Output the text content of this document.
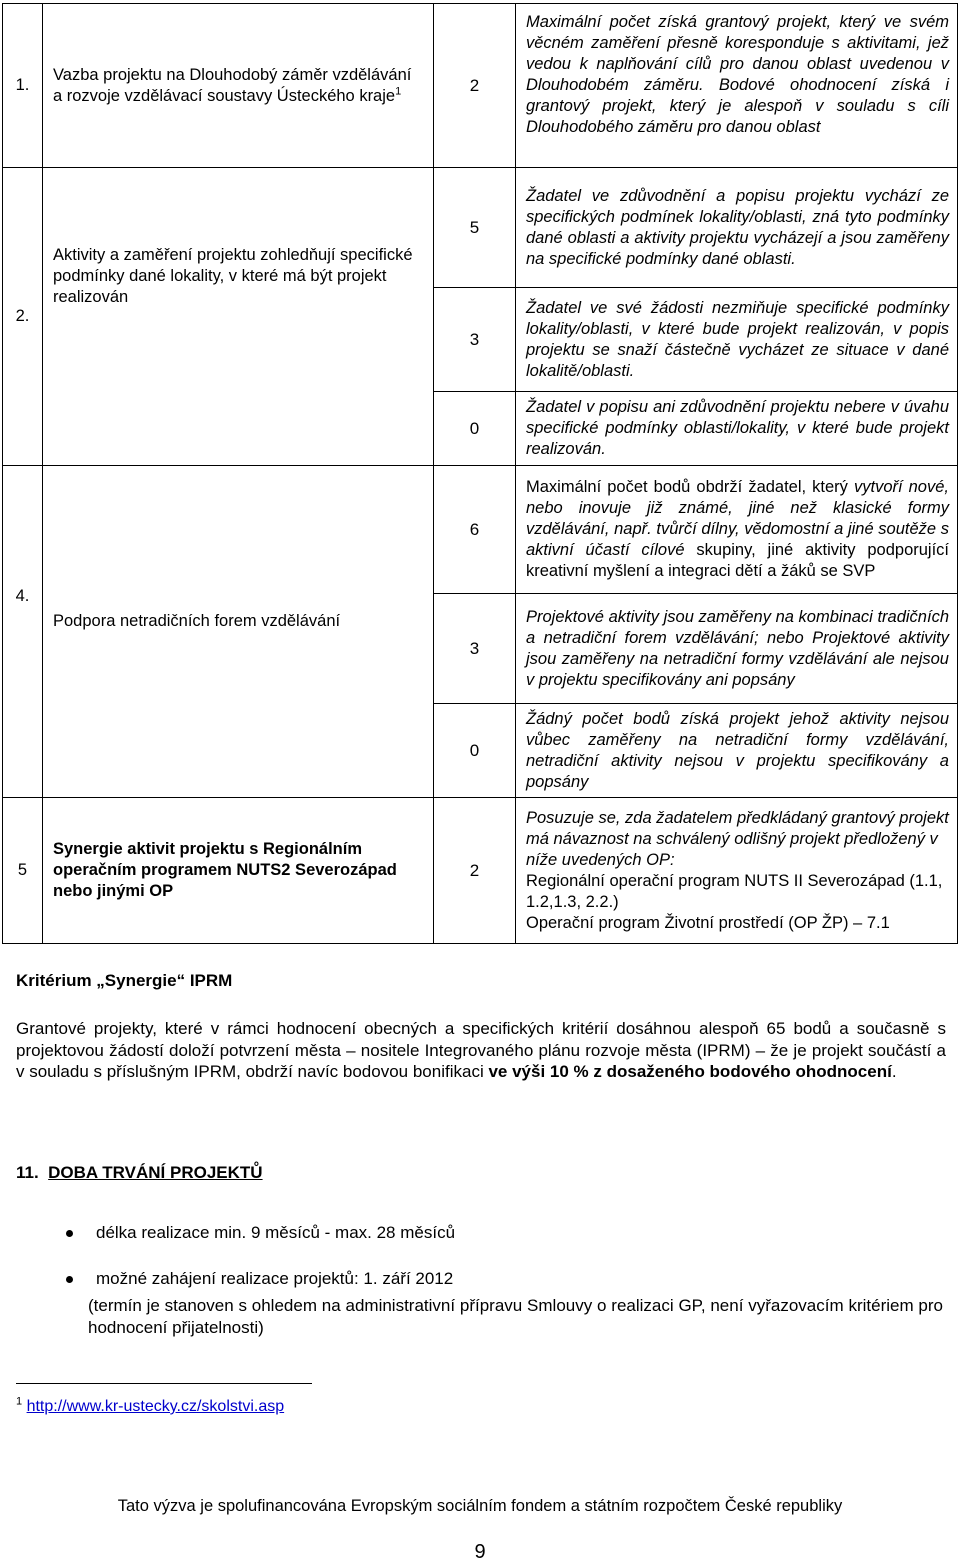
1.	Vazba projektu na Dlouhodobý záměr vzdělávání a rozvoje vzdělávací soustavy Ústeckého kraje$^1$	2	Maximální počet získá grantový projekt, který ve svém věcném zaměření přesně koresponduje s aktivitami, jež vedou k naplňování cílů pro danou oblast uvedenou v Dlouhodobém záměru. Bodové ohodnocení získá i grantový projekt, který je alespoň v souladu s cíli Dlouhodobého záměru pro danou oblast
2.	Aktivity a zaměření projektu zohledňují specifické podmínky dané lokality, v které má být projekt realizován	5	Žadatel ve zdůvodnění a popisu projektu vychází ze specifických podmínek lokality/oblasti, zná tyto podmínky dané oblasti a aktivity projektu vycházejí a jsou zaměřeny na specifické podmínky dané oblasti.
		3	Žadatel ve své žádosti nezmiňuje specifické podmínky lokality/oblasti, v které bude projekt realizován, v popis projektu se snaží částečně vycházet ze situace v dané lokalitě/oblasti.
		0	Žadatel v popisu ani zdůvodnění projektu nebere v úvahu specifické podmínky oblasti/lokality, v které bude projekt realizován.
4.	Podpora netradičních forem vzdělávání	6	Maximální počet bodů obdrží žadatel, který vytvoří nové, nebo inovuje již známé, jiné než klasické formy vzdělávání, např. tvůrčí dílny, vědomostní a jiné soutěže s aktivní účastí cílové skupiny, jiné aktivity podporující kreativní myšlení a integraci dětí a žáků se SVP
		3	Projektové aktivity jsou zaměřeny na kombinaci tradičních a netradiční forem vzdělávání; nebo Projektové aktivity jsou zaměřeny na netradiční formy vzdělávání ale nejsou v projektu specifikovány ani popsány
		0	Žádný počet bodů získá projekt jehož aktivity nejsou vůbec zaměřeny na netradiční formy vzdělávání, netradiční aktivity nejsou v projektu specifikovány a popsány
5	Synergie aktivit projektu s Regionálním operačním programem NUTS2 Severozápad nebo jinými OP	2	Posuzuje se, zda žadatelem předkládaný grantový projekt má návaznost na schválený odlišný projekt předložený v níže uvedených OP:
Regionální operační program NUTS II Severozápad (1.1, 1.2,1.3, 2.2.)
Operační program Životní prostředí (OP ŽP) – 7.1
Kritérium „Synergie“ IPRM
Grantové projekty, které v rámci hodnocení obecných a specifických kritérií dosáhnou alespoň 65 bodů a současně s projektovou žádostí doloží potvrzení města – nositele Integrovaného plánu rozvoje města (IPRM) – že je projekt součástí a v souladu s příslušným IPRM, obdrží navíc bodovou bonifikaci ve výši 10 % z dosaženého bodového ohodnocení.
11. DOBA TRVÁNÍ PROJEKTŮ
délka realizace min. 9 měsíců - max. 28 měsíců
možné zahájení realizace projektů: 1. září 2012
(termín je stanoven s ohledem na administrativní přípravu Smlouvy o realizaci GP, není vyřazovacím kritériem pro hodnocení přijatelnosti)
$^1$ http://www.kr-ustecky.cz/skolstvi.asp
Tato výzva je spolufinancována Evropským sociálním fondem a státním rozpočtem České republiky
9
